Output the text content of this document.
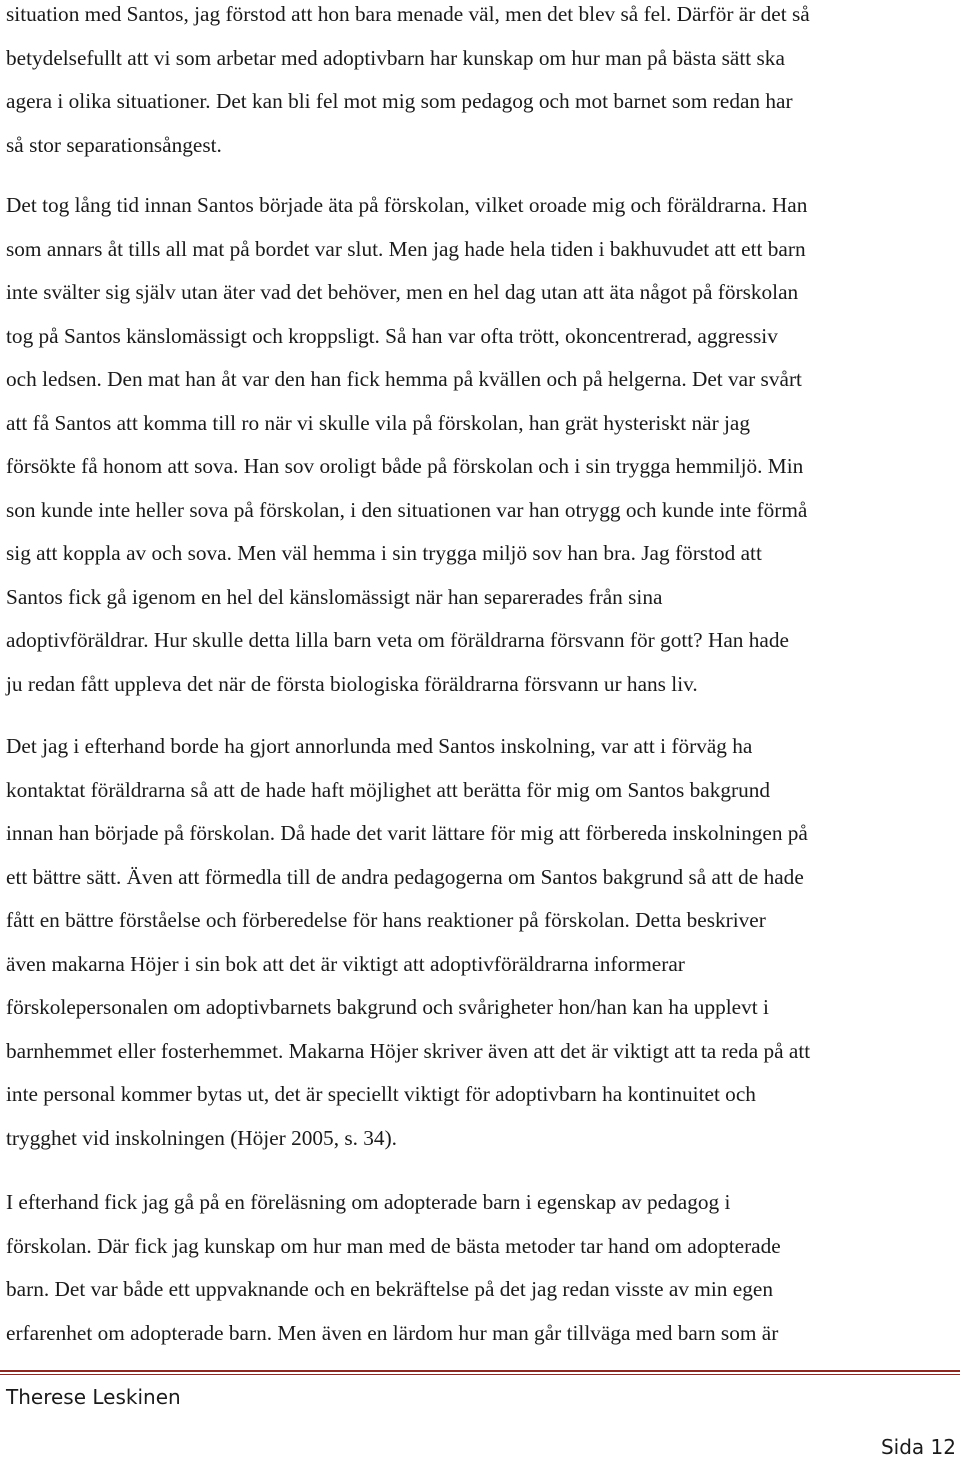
situation med Santos, jag förstod att hon bara menade väl, men det blev så fel. Därför är det så
betydelsefullt att vi som arbetar med adoptivbarn har kunskap om hur man på bästa sätt ska
agera i olika situationer. Det kan bli fel mot mig som pedagog och mot barnet som redan har
så stor separationsångest.

Det tog lång tid innan Santos började äta på förskolan, vilket oroade mig och föräldrarna. Han
som annars åt tills all mat på bordet var slut. Men jag hade hela tiden i bakhuvudet att ett barn
inte svälter sig själv utan äter vad det behöver, men en hel dag utan att äta något på förskolan
tog på Santos känslomässigt och kroppsligt. Så han var ofta trött, okoncentrerad, aggressiv
och ledsen. Den mat han åt var den han fick hemma på kvällen och på helgerna. Det var svårt
att få Santos att komma till ro när vi skulle vila på förskolan, han grät hysteriskt när jag
försökte få honom att sova. Han sov oroligt både på förskolan och i sin trygga hemmiljö. Min
son kunde inte heller sova på förskolan, i den situationen var han otrygg och kunde inte förmå
sig att koppla av och sova. Men väl hemma i sin trygga miljö sov han bra. Jag förstod att
Santos fick gå igenom en hel del känslomässigt när han separerades från sina
adoptivföräldrar. Hur skulle detta lilla barn veta om föräldrarna försvann för gott? Han hade
ju redan fått uppleva det när de första biologiska föräldrarna försvann ur hans liv.

Det jag i efterhand borde ha gjort annorlunda med Santos inskolning, var att i förväg ha
kontaktat föräldrarna så att de hade haft möjlighet att berätta för mig om Santos bakgrund
innan han började på förskolan. Då hade det varit lättare för mig att förbereda inskolningen på
ett bättre sätt. Även att förmedla till de andra pedagogerna om Santos bakgrund så att de hade
fått en bättre förståelse och förberedelse för hans reaktioner på förskolan. Detta beskriver
även makarna Höjer i sin bok att det är viktigt att adoptivföräldrarna informerar
förskolepersonalen om adoptivbarnets bakgrund och svårigheter hon/han kan ha upplevt i
barnhemmet eller fosterhemmet. Makarna Höjer skriver även att det är viktigt att ta reda på att
inte personal kommer bytas ut, det är speciellt viktigt för adoptivbarn ha kontinuitet och
trygghet vid inskolningen (Höjer 2005, s. 34).

I efterhand fick jag gå på en föreläsning om adopterade barn i egenskap av pedagog i
förskolan. Där fick jag kunskap om hur man med de bästa metoder tar hand om adopterade
barn. Det var både ett uppvaknande och en bekräftelse på det jag redan visste av min egen
erfarenhet om adopterade barn. Men även en lärdom hur man går tillväga med barn som är

Therese Leskinen
Sida 12
